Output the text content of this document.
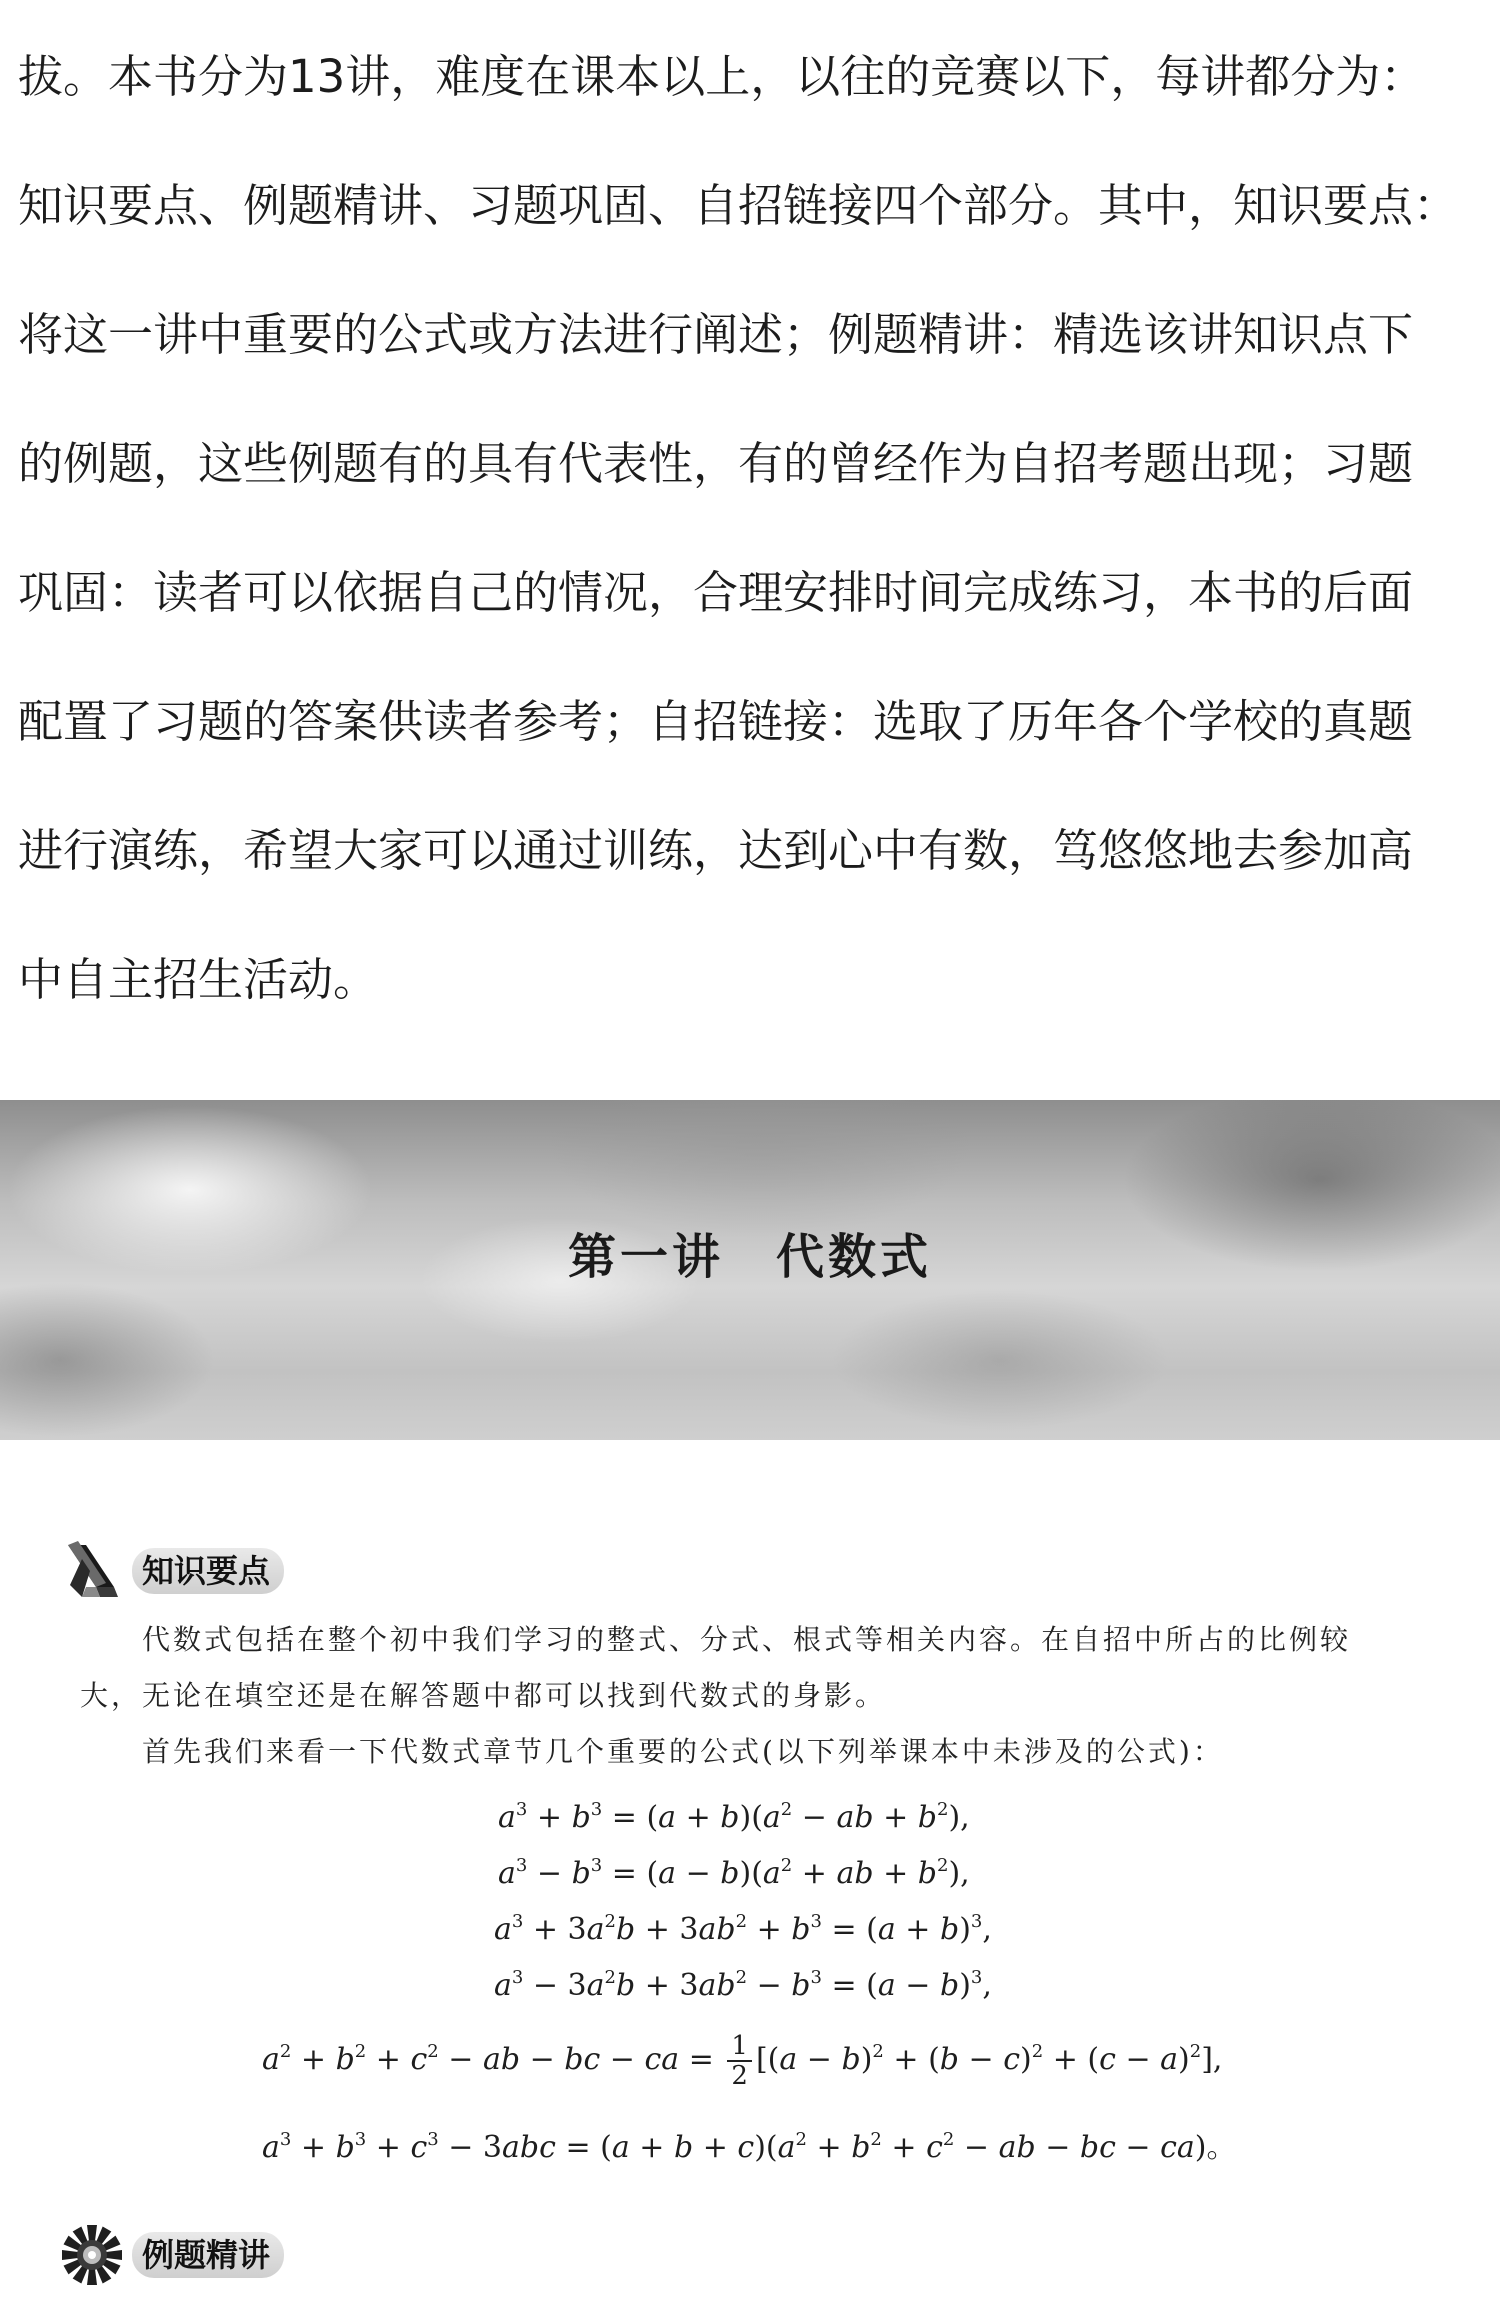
拔。本书分为13讲，难度在课本以上，以往的竞赛以下，每讲都分为：
知识要点、例题精讲、习题巩固、自招链接四个部分。其中，知识要点：
将这一讲中重要的公式或方法进行阐述；例题精讲：精选该讲知识点下
的例题，这些例题有的具有代表性，有的曾经作为自招考题出现；习题
巩固：读者可以依据自己的情况，合理安排时间完成练习，本书的后面
配置了习题的答案供读者参考；自招链接：选取了历年各个学校的真题
进行演练，希望大家可以通过训练，达到心中有数，笃悠悠地去参加高
中自主招生活动。
第一讲　代数式
知识要点

代数式包括在整个初中我们学习的整式、分式、根式等相关内容。在自招中所占的比例较大，无论在填空还是在解答题中都可以找到代数式的身影。

首先我们来看一下代数式章节几个重要的公式(以下列举课本中未涉及的公式)：

$a^3 + b^3 = (a + b)(a^2$ − ab + $b^2$),
$a^3 - b^3 = (a - b)(a^2$ + ab + $b^2$),
$a^3 + 3a^2b + 3ab^2 + b^3 = (a + b)^3$,
$a^3 - 3a^2b + 3ab^2 - b^3 = (a - b)^3$,
$a^2 + b^2 + c^2$ − ab − bc − ca = $\frac{1}{2} [(a - b)^2 + (b - c)^2 + (c - a)^2]$,
$a^3 + b^3 + c^3 - 3abc = (a + b + c)(a^2 + b^2 + c^2$ − ab − bc − ca)。
例题精讲
